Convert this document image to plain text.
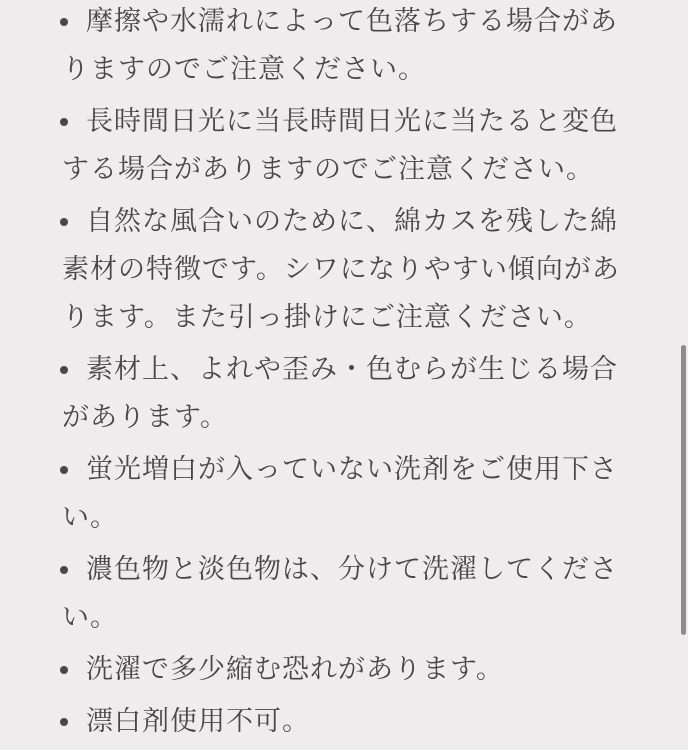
摩擦や水濡れによって色落ちする場合がありますのでご注意ください。
長時間日光に当長時間日光に当たると変色する場合がありますのでご注意ください。
自然な風合いのために、綿カスを残した綿素材の特徴です。シワになりやすい傾向があります。また引っ掛けにご注意ください。
素材上、よれや歪み・色むらが生じる場合があります。
蛍光増白が入っていない洗剤をご使用下さい。
濃色物と淡色物は、分けて洗濯してください。
洗濯で多少縮む恐れがあります。
漂白剤使用不可。
